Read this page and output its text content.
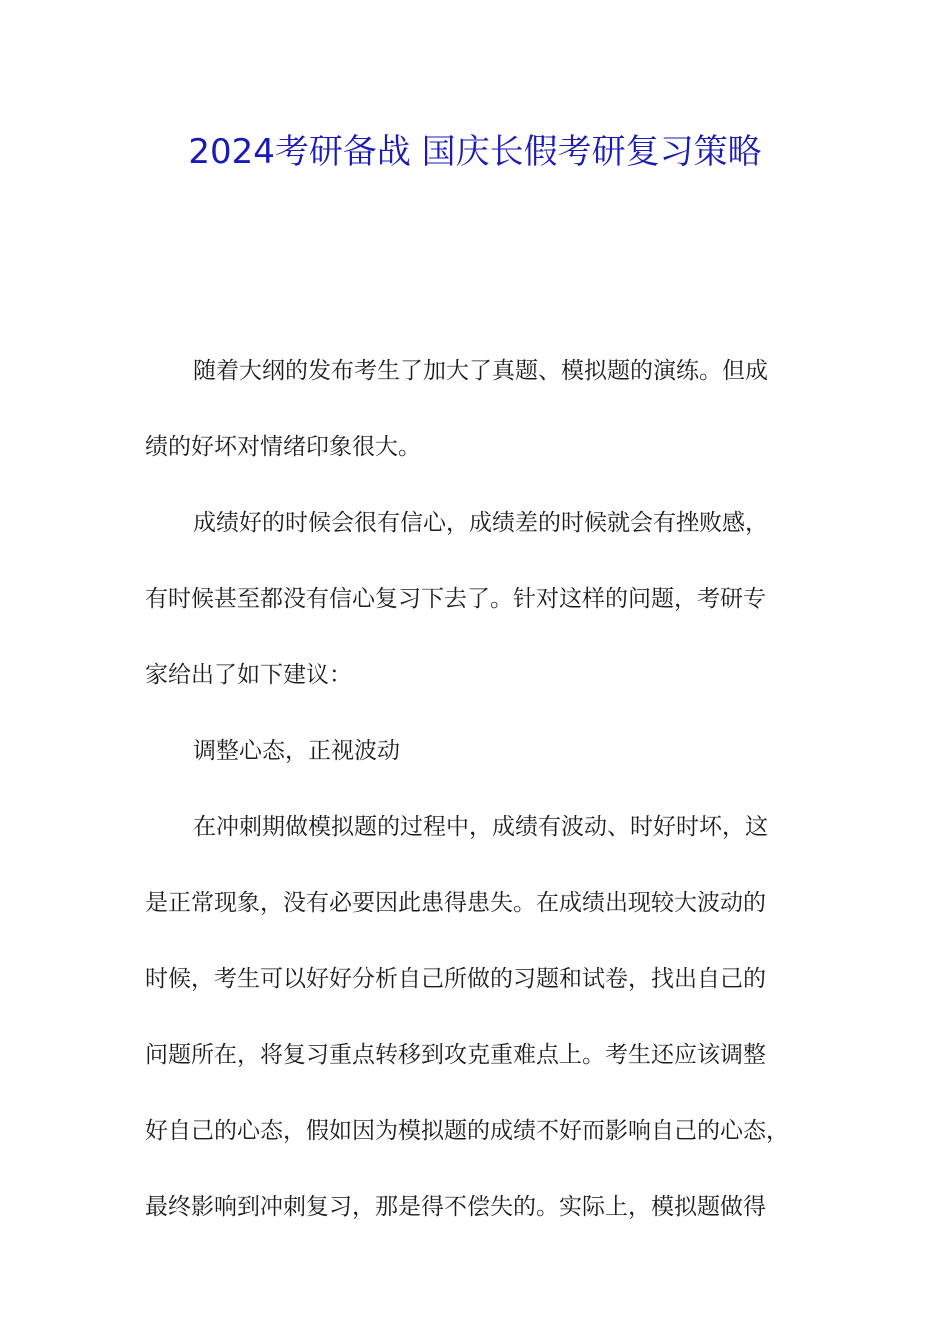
2024考研备战 国庆长假考研复习策略

随着大纲的发布考生了加大了真题、模拟题的演练。但成
绩的好坏对情绪印象很大。

成绩好的时候会很有信心，成绩差的时候就会有挫败感，
有时候甚至都没有信心复习下去了。针对这样的问题，考研专
家给出了如下建议：

调整心态，正视波动

在冲刺期做模拟题的过程中，成绩有波动、时好时坏，这
是正常现象，没有必要因此患得患失。在成绩出现较大波动的
时候，考生可以好好分析自己所做的习题和试卷，找出自己的
问题所在，将复习重点转移到攻克重难点上。考生还应该调整
好自己的心态，假如因为模拟题的成绩不好而影响自己的心态，
最终影响到冲刺复习，那是得不偿失的。实际上，模拟题做得
